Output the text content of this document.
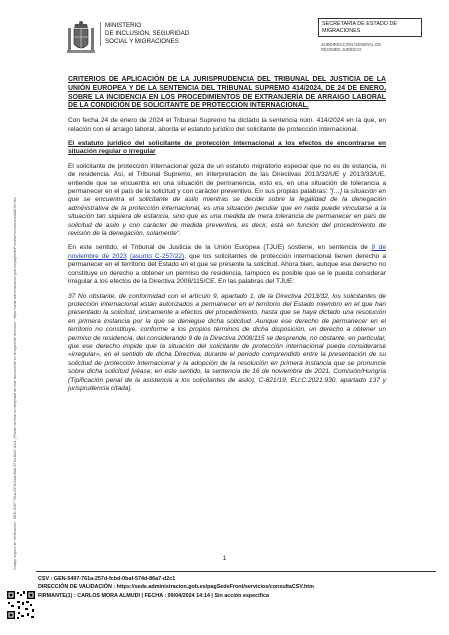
Código seguro de Verificación : GEN-5497-761a-257d-fcbd-0baf-574d-86a7-d2c1 | Puede verificar la integridad de este documento en la siguiente dirección : https://sede.administracion.gob.es/pagSedeFront/servicios/consultaCSV.htm
MINISTERIO
DE INCLUSIÓN, SEGURIDAD
SOCIAL Y MIGRACIONES
SECRETARÍA DE ESTADO DE
MIGRACIONES
SUBDIRECCIÓN GENERAL DE
RÉGIMEN JURÍDICO

CRITERIOS DE APLICACIÓN DE LA JURISPRUDENCIA DEL TRIBUNAL DEL JUSTICIA DE LA UNIÓN EUROPEA Y DE LA SENTENCIA DEL TRIBUNAL SUPREMO 414/2024, DE 24 DE ENERO, SOBRE LA INCIDENCIA EN LOS PROCEDIMIENTOS DE EXTRANJERÍA DE ARRAIGO LABORAL DE LA CONDICIÓN DE SOLICITANTE DE PROTECCIÓN INTERNACIONAL.

Con fecha 24 de enero de 2024 el Tribunal Supremo ha dictado la sentencia núm. 414/2024 en la que, en relación con el arraigo laboral, aborda el estatuto jurídico del solicitante de protección internacional.

El estatuto jurídico del solicitante de protección internacional a los efectos de encontrarse en situación regular o irregular

El solicitante de protección internacional goza de un estatuto migratorio especial que no es de estancia, ni de residencia. Así, el Tribunal Supremo, en interpretación de las Directivas 2013/32/UE y 2013/33/UE, entiende que se encuentra en una situación de permanencia, esto es, en una situación de tolerancia a permanecer en el país de la solicitud y con carácter preventivo. En sus propias palabras: "[…] la situación en que se encuentra el solicitante de asilo mientras se decide sobre la legalidad de la denegación administrativa de la protección internacional, es una situación peculiar que en nada puede vincularse a la situación tan siquiera de estancia, sino que es una medida de mera tolerancia de permanecer en país de solicitud de asilo y con carácter de medida preventiva, es decir, está en función del procedimiento de revisión de la denegación, solamente".

En este sentido, el Tribunal de Justicia de la Unión Europea (TJUE) sostiene, en sentencia de 9 de noviembre de 2023 (asunto C-257/22), que los solicitantes de protección internacional tienen derecho a permanecer en el territorio del Estado en el que se presente la solicitud. Ahora bien, aunque ese derecho no constituye un derecho a obtener un permiso de residencia, tampoco es posible que se le pueda considerar irregular a los efectos de la Directiva 2008/115/CE. En las palabras del TJUE:

37 No obstante, de conformidad con el artículo 9, apartado 1, de la Directiva 2013/32, los solicitantes de protección internacional están autorizados a permanecer en el territorio del Estado miembro en el que han presentado la solicitud, únicamente a efectos del procedimiento, hasta que se haya dictado una resolución en primera instancia por la que se deniegue dicha solicitud. Aunque ese derecho de permanecer en el territorio no constituye, conforme a los propios términos de dicha disposición, un derecho a obtener un permiso de residencia, del considerando 9 de la Directiva 2008/115 se desprende, no obstante, en particular, que ese derecho impide que la situación del solicitante de protección internacional pueda considerarse «irregular», en el sentido de dicha Directiva, durante el periodo comprendido entre la presentación de su solicitud de protección internacional y la adopción de la resolución en primera instancia que se pronuncie sobre dicha solicitud [véase, en este sentido, la sentencia de 16 de noviembre de 2021, Comisión/Hungría (Tipificación penal de la asistencia a los solicitantes de asilo), C‑821/19, EU:C:2021:930, apartado 137 y jurisprudencia citada].

1
CSV : GEN-5497-761a-257d-fcbd-0baf-574d-86a7-d2c1
DIRECCIÓN DE VALIDACIÓN : https://sede.administracion.gob.es/pagSedeFront/servicios/consultaCSV.htm
FIRMANTE(1) : CARLOS MORA ALMUDI | FECHA : 09/04/2024 14:14 | Sin acción específica
